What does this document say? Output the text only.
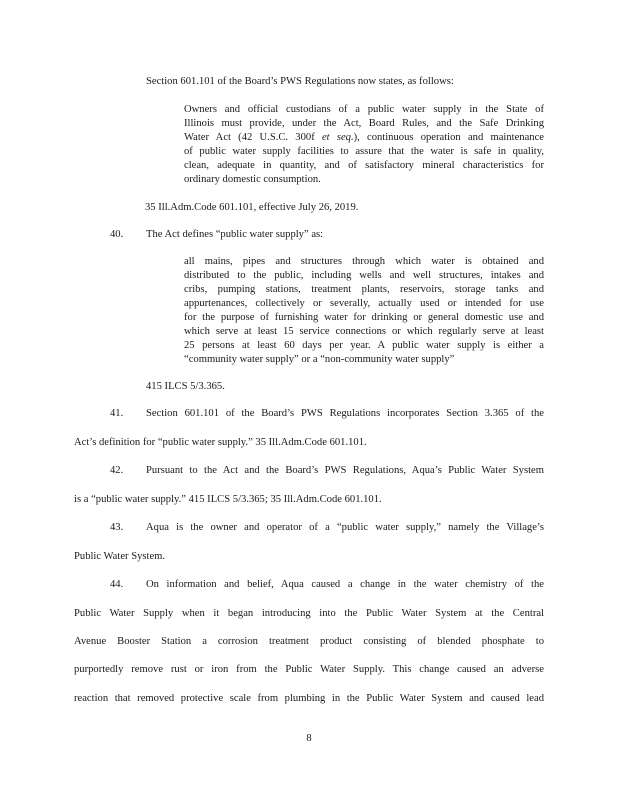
Section 601.101 of the Board’s PWS Regulations now states, as follows:
Owners and official custodians of a public water supply in the State of
Illinois must provide, under the Act, Board Rules, and the Safe Drinking
Water Act (42 U.S.C. 300f et seq.), continuous operation and maintenance
of public water supply facilities to assure that the water is safe in quality,
clean, adequate in quantity, and of satisfactory mineral characteristics for
ordinary domestic consumption.
35 Ill.Adm.Code 601.101, effective July 26, 2019.
40. The Act defines “public water supply” as:
all mains, pipes and structures through which water is obtained and
distributed to the public, including wells and well structures, intakes and
cribs, pumping stations, treatment plants, reservoirs, storage tanks and
appurtenances, collectively or severally, actually used or intended for use
for the purpose of furnishing water for drinking or general domestic use and
which serve at least 15 service connections or which regularly serve at least
25 persons at least 60 days per year. A public water supply is either a
“community water supply” or a “non-community water supply”
415 ILCS 5/3.365.
41. Section 601.101 of the Board’s PWS Regulations incorporates Section 3.365 of the
Act’s definition for “public water supply.” 35 Ill.Adm.Code 601.101.
42. Pursuant to the Act and the Board’s PWS Regulations, Aqua’s Public Water System
is a “public water supply.” 415 ILCS 5/3.365; 35 Ill.Adm.Code 601.101.
43. Aqua is the owner and operator of a “public water supply,” namely the Village’s
Public Water System.
44. On information and belief, Aqua caused a change in the water chemistry of the
Public Water Supply when it began introducing into the Public Water System at the Central
Avenue Booster Station a corrosion treatment product consisting of blended phosphate to
purportedly remove rust or iron from the Public Water Supply. This change caused an adverse
reaction that removed protective scale from plumbing in the Public Water System and caused lead
8
